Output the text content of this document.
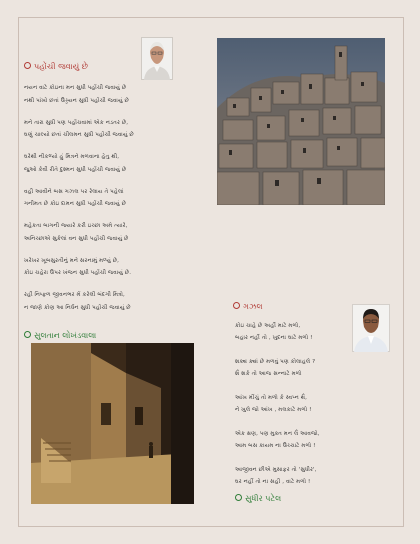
પહોંચી જવાયું છે
નયન વાટે કોઇના મન સુધી પહોંચી જવાયું છે
નથી પાંખો છતાં ઉડ્ડયન સુધી પહોંચી જવાયું છે
મને તારા સુધી પણ પહોંચવામાં એક નડતર છે,
ઘણું ચાલ્યો છતાં ચીલમન સુધી પહોંચી જવાયું છે
ઘરેથી નીકળ્યો હું મિત્રને મળવાના હેતુ થી,
જુઓ કેવી રીતે દુશ્મન સુધી પહોંચી જવાયું છે
વહી આવીને બસ ગઝલ પર રેલાય તે પહેલાં
ગનીમત છે કોઇ દામન સુધી પહોંચી જવાયું છે
મહેકતા બાગની જ્યારે કરી ઇચ્છા અમે ત્યારે,
અનિચ્છાએ સુકેલાં વન સુધી પહોંચી જવાયું છે
ખરેખર ખૂબસુરતીનું મને સરનામું મળ્યું છે,
કોઇ ચહેરા ઉપર ખંજન સુધી પહોંચી જવાયું છે.
રહી નિષ્ફળ જીવનભર મેં કરેલી બંદગી મિત્રો,
ન જાણે કોણ આ નિર્ધન સુધી પહોંચી જવાયું છે
સુલતાન લોખંડવાલા
ગઝલ
કોઇ ચાહે છે અહીં માટે મળો,
બહાર નહીં તો , ખુદના ઘાટે મળો !
શક્ય ક્યાં છે મળવું પણ કોલાહલે ?
શૈ શકે તો આજ સન્નાટે મળો
આંખ મીંચું તો મળો કે સ્વપ્ન થૈ,
ને ખુલે જો આંખ , મલકાટે મળો !
એક ક્ષણ, પણ મુક્ત મન લૈ આવજો,
આમ બસ કાયમ ના ઉચ્ચાટે મળો !
આજીવન છીએ મુસાફર તો 'સુધીર',
ઘર નહીં તો ના સહી , વાટે મળો !
સુધીર પટેલ
